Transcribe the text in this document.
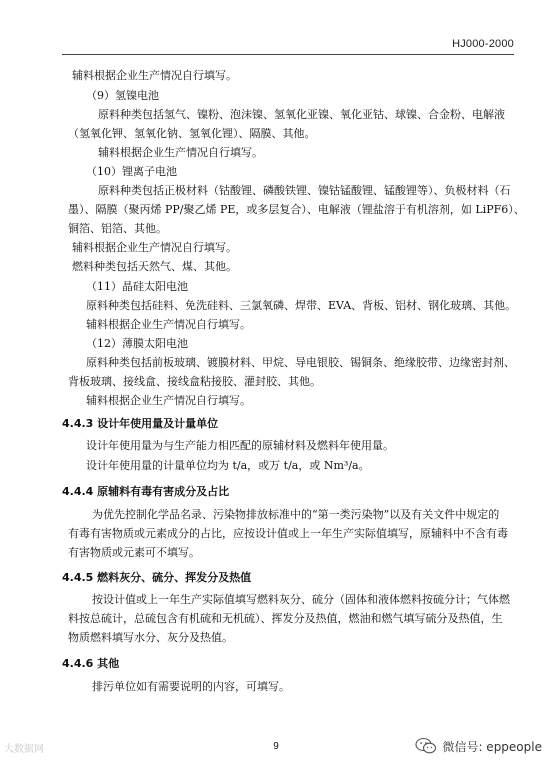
HJ000-2000
辅料根据企业生产情况自行填写。
（9）氢镍电池
原料种类包括氢气、镍粉、泡沫镍、氢氧化亚镍、氧化亚钴、球镍、合金粉、电解液
（氢氧化钾、氢氧化钠、氢氧化锂）、隔膜、其他。
辅料根据企业生产情况自行填写。
（10）锂离子电池
原料种类包括正极材料（钴酸锂、磷酸铁锂、镍钴锰酸锂、锰酸锂等）、负极材料（石
墨）、隔膜（聚丙烯 PP/聚乙烯 PE，或多层复合）、电解液（锂盐溶于有机溶剂，如 LiPF6）、
铜箔、铝箔、其他。
辅料根据企业生产情况自行填写。
燃料种类包括天然气、煤、其他。
（11）晶硅太阳电池
原料种类包括硅料、免洗硅料、三氯氧磷、焊带、EVA、背板、铝材、钢化玻璃、其他。
辅料根据企业生产情况自行填写。
（12）薄膜太阳电池
原料种类包括前板玻璃、镀膜材料、甲烷、导电银胶、锡铜条、绝缘胶带、边缘密封剂、
背板玻璃、接线盒、接线盒粘接胶、灌封胶、其他。
辅料根据企业生产情况自行填写。
4.4.3 设计年使用量及计量单位
设计年使用量为与生产能力相匹配的原辅材料及燃料年使用量。
设计年使用量的计量单位均为 t/a，或万 t/a，或 Nm³/a。
4.4.4 原辅料有毒有害成分及占比
为优先控制化学品名录、污染物排放标准中的“第一类污染物”以及有关文件中规定的
有毒有害物质或元素成分的占比，应按设计值或上一年生产实际值填写，原辅料中不含有毒
有害物质或元素可不填写。
4.4.5 燃料灰分、硫分、挥发分及热值
按设计值或上一年生产实际值填写燃料灰分、硫分（固体和液体燃料按硫分计；气体燃
料按总硫计，总硫包含有机硫和无机硫）、挥发分及热值，燃油和燃气填写硫分及热值，生
物质燃料填写水分、灰分及热值。
4.4.6 其他
排污单位如有需要说明的内容，可填写。
9
大数据网	微信号: eppeople
